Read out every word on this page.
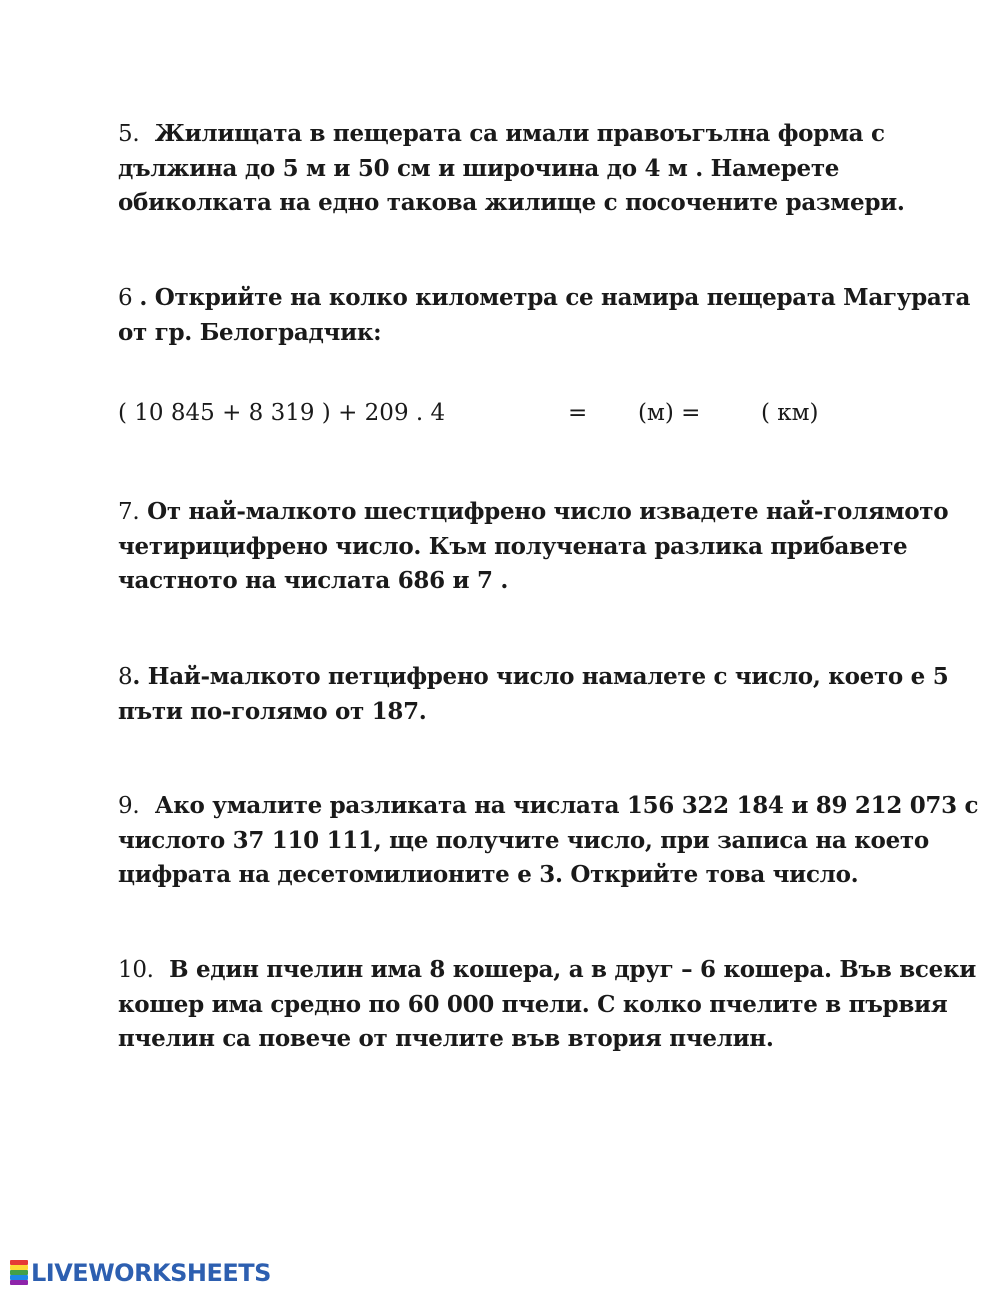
5. Жилищата в пещерата са имали правоъгълна форма с
дължина до 5 м и 50 см и широчина до 4 м . Намерете
обиколката на едно такова жилище с посочените размери.
6 . Открийте на колко километра се намира пещерата Магурата
от гр. Белоградчик:
( 10 845 + 8 319 ) + 209 . 4	= (м) =	( км)
7. От най-малкото шестцифрено число извадете най-голямото
четирицифрено число. Към получената разлика прибавете
частното на числата 686 и 7 .
8. Най-малкото петцифрено число намалете с число, което е 5
пъти по-голямо от 187.
9. Ако умалите разликата на числата 156 322 184 и 89 212 073 с
числото 37 110 111, ще получите число, при записа на което
цифрата на десетомилионите е 3. Открийте това число.
10. В един пчелин има 8 кошера, а в друг – 6 кошера. Във всеки
кошер има средно по 60 000 пчели. С колко пчелите в първия
пчелин са повече от пчелите във втория пчелин.
LIVEWORKSHEETS
